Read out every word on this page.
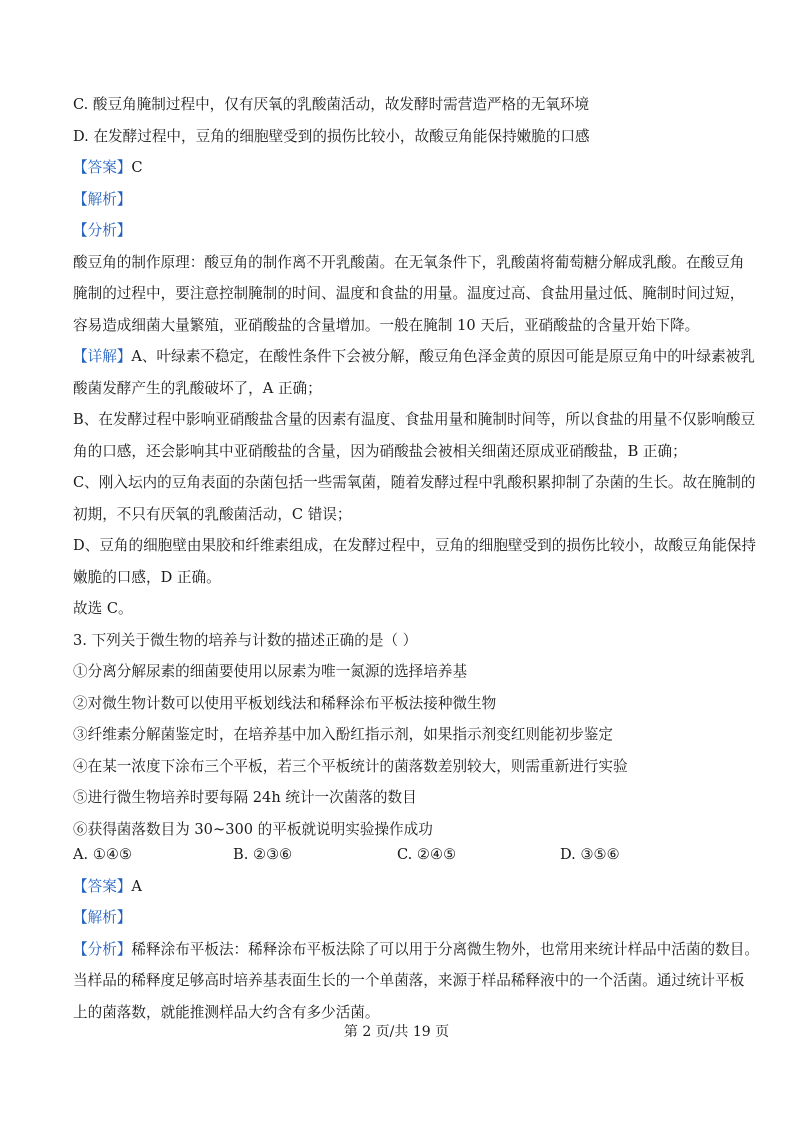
C. 酸豆角腌制过程中，仅有厌氧的乳酸菌活动，故发酵时需营造严格的无氧环境
D. 在发酵过程中，豆角的细胞壁受到的损伤比较小，故酸豆角能保持嫩脆的口感
【答案】C
【解析】
【分析】
酸豆角的制作原理：酸豆角的制作离不开乳酸菌。在无氧条件下，乳酸菌将葡萄糖分解成乳酸。在酸豆角
腌制的过程中，要注意控制腌制的时间、温度和食盐的用量。温度过高、食盐用量过低、腌制时间过短，
容易造成细菌大量繁殖，亚硝酸盐的含量增加。一般在腌制 10 天后，亚硝酸盐的含量开始下降。
【详解】A、叶绿素不稳定，在酸性条件下会被分解，酸豆角色泽金黄的原因可能是原豆角中的叶绿素被乳
酸菌发酵产生的乳酸破坏了，A 正确；
B、在发酵过程中影响亚硝酸盐含量的因素有温度、食盐用量和腌制时间等，所以食盐的用量不仅影响酸豆
角的口感，还会影响其中亚硝酸盐的含量，因为硝酸盐会被相关细菌还原成亚硝酸盐，B 正确；
C、刚入坛内的豆角表面的杂菌包括一些需氧菌，随着发酵过程中乳酸积累抑制了杂菌的生长。故在腌制的
初期，不只有厌氧的乳酸菌活动，C 错误；
D、豆角的细胞壁由果胶和纤维素组成，在发酵过程中，豆角的细胞壁受到的损伤比较小，故酸豆角能保持
嫩脆的口感，D 正确。
故选 C。
3. 下列关于微生物的培养与计数的描述正确的是（ ）
①分离分解尿素的细菌要使用以尿素为唯一氮源的选择培养基
②对微生物计数可以使用平板划线法和稀释涂布平板法接种微生物
③纤维素分解菌鉴定时，在培养基中加入酚红指示剂，如果指示剂变红则能初步鉴定
④在某一浓度下涂布三个平板，若三个平板统计的菌落数差别较大，则需重新进行实验
⑤进行微生物培养时要每隔 24h 统计一次菌落的数目
⑥获得菌落数目为 30~300 的平板就说明实验操作成功
A. ①④⑤	B. ②③⑥	C. ②④⑤	D. ③⑤⑥
【答案】A
【解析】
【分析】稀释涂布平板法：稀释涂布平板法除了可以用于分离微生物外，也常用来统计样品中活菌的数目。
当样品的稀释度足够高时培养基表面生长的一个单菌落，来源于样品稀释液中的一个活菌。通过统计平板
上的菌落数，就能推测样品大约含有多少活菌。
第 2 页/共 19 页
